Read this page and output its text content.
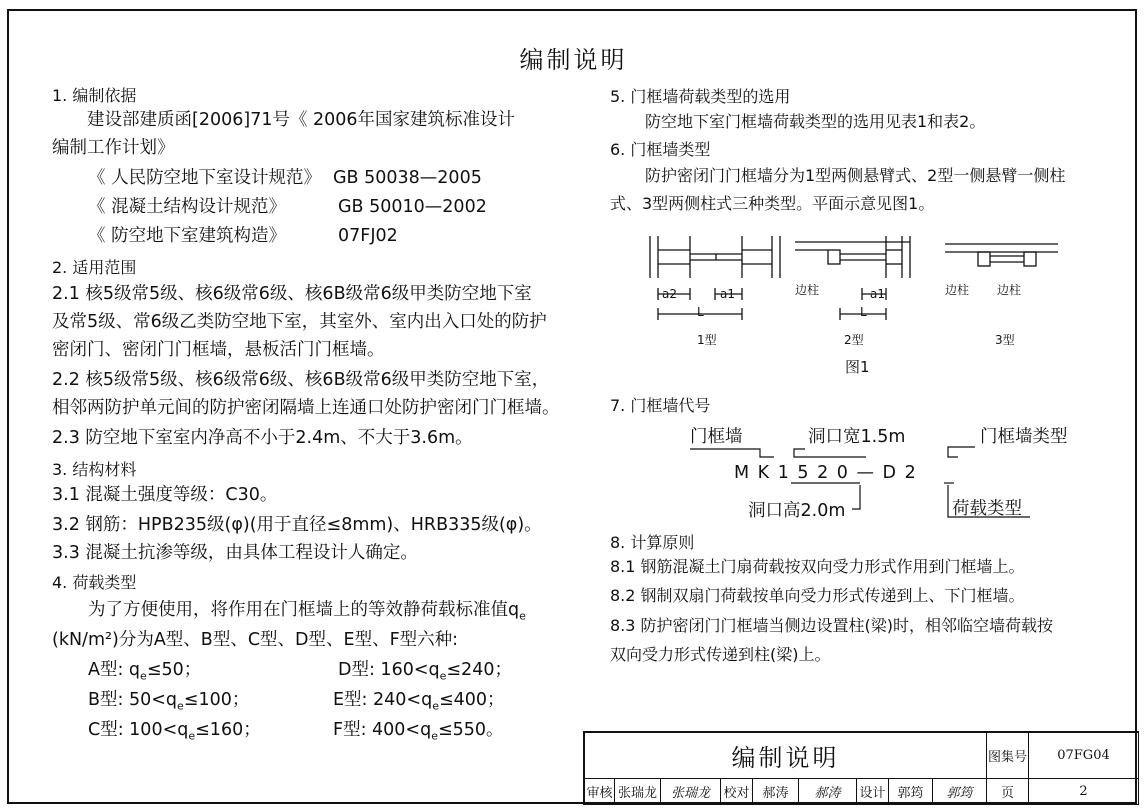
编制说明
1. 编制依据
建设部建质函[2006]71号《 2006年国家建筑标准设计
编制工作计划》
《 人民防空地下室设计规范》 GB 50038—2005
《 混凝土结构设计规范》	GB 50010—2002
《 防空地下室建筑构造》	07FJ02
2. 适用范围
2.1 核5级常5级、核6级常6级、核6B级常6级甲类防空地下室
及常5级、常6级乙类防空地下室，其室外、室内出入口处的防护
密闭门、密闭门门框墙，悬板活门门框墙。
2.2 核5级常5级、核6级常6级、核6B级常6级甲类防空地下室，
相邻两防护单元间的防护密闭隔墙上连通口处防护密闭门门框墙。
2.3 防空地下室室内净高不小于2.4m、不大于3.6m。
3. 结构材料
3.1 混凝土强度等级：C30。
3.2 钢筋：HPB235级(φ)(用于直径≤8mm)、HRB335级(φ)。
3.3 混凝土抗渗等级，由具体工程设计人确定。
4. 荷载类型
为了方便使用，将作用在门框墙上的等效静荷载标准值$q_e$
(kN/m²)分为A型、B型、C型、D型、E型、F型六种:
A型: $q_e\le 50$；	D型: $160<q_e\le 240$；
B型: $50<q_e\le 100$；	E型: $240<q_e\le 400$；
C型: $100<q_e\le 160$；	F型: $400<q_e\le 550$。
5. 门框墙荷载类型的选用
防空地下室门框墙荷载类型的选用见表1和表2。
6. 门框墙类型
防护密闭门门框墙分为1型两侧悬臂式、2型一侧悬臂一侧柱
式、3型两侧柱式三种类型。平面示意见图1。
a2	a1
L
边柱	a1
L
边柱 边柱
1型	2型	3型
图1
7. 门框墙代号
门框墙	洞口宽1.5m	门框墙类型
M K 1 5 2 0 — D 2
洞口高2.0m	荷载类型
8. 计算原则
8.1 钢筋混凝土门扇荷载按双向受力形式作用到门框墙上。
8.2 钢制双扇门荷载按单向受力形式传递到上、下门框墙。
8.3 防护密闭门门框墙当侧边设置柱(梁)时，相邻临空墙荷载按
双向受力形式传递到柱(梁)上。
编制说明	图集号	07FG04
审核 张瑞龙	张瑞龙	校对 郝涛	郝涛	设计 郭筠	郭筠	页	2
